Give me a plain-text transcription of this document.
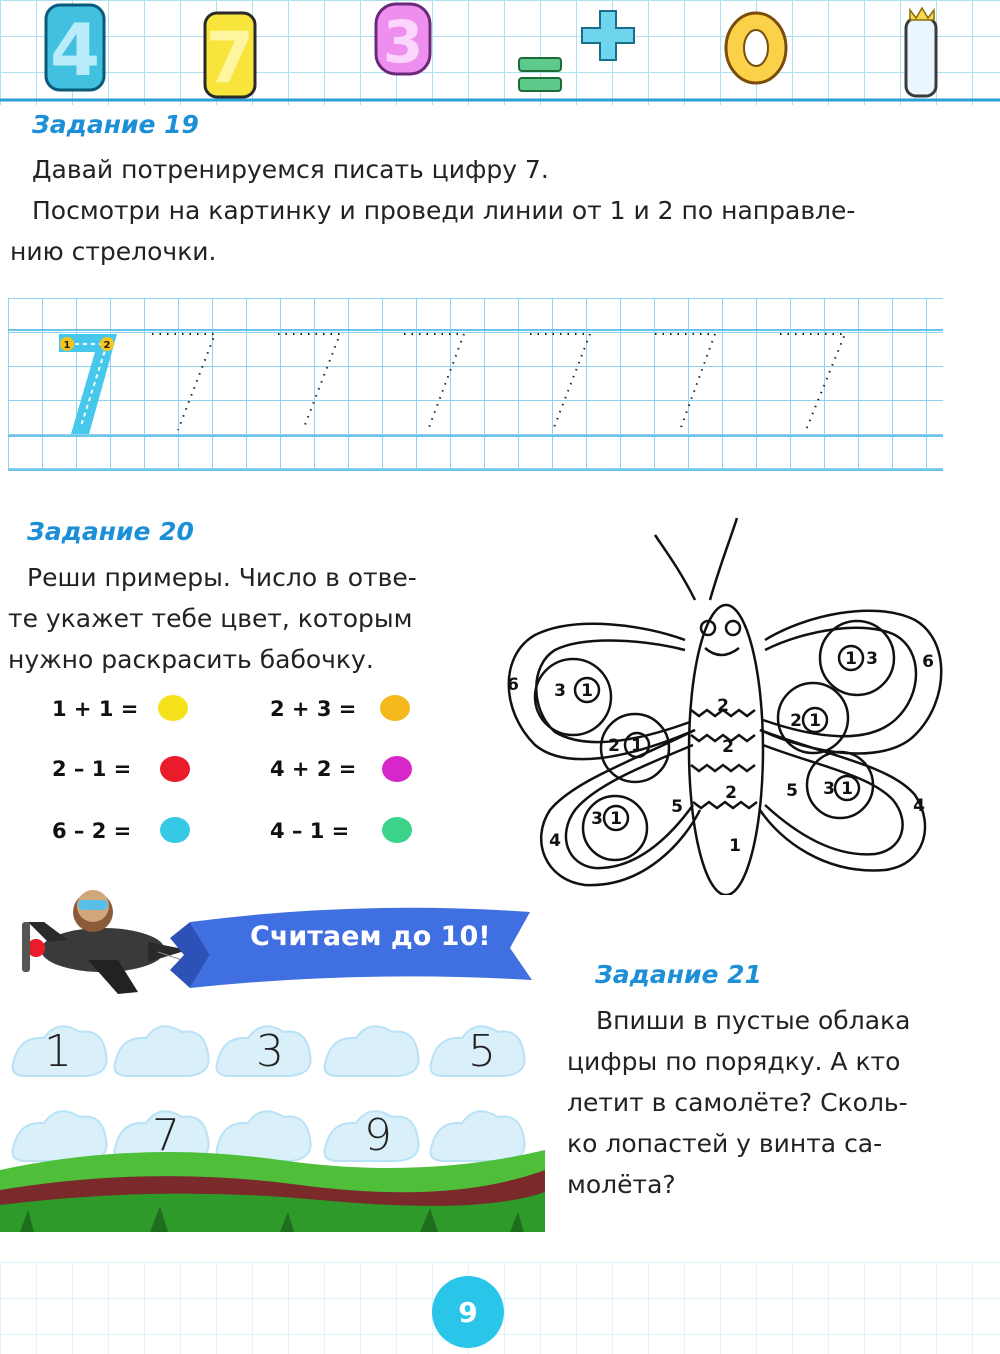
4 7 3
Задание 19
Давай потренируемся писать цифру 7.
Посмотри на картинку и проведи линии от 1 и 2 по направле-
нию стрелочки.
1	2
Задание 20
Реши примеры. Число в отве-
те укажет тебе цвет, которым
нужно раскрасить бабочку.
1 + 1 =	2 + 3 =
2 – 1 =	4 + 2 =
6 – 2 =	4 – 1 =
6
6
4
4
3 1
2 1
3 1
1 3
2 1
3 1
5
5
2
2
2
1
Считаем до 10!
Задание 21
Впиши в пустые облака
цифры по порядку. А кто
летит в самолёте? Сколь-
ко лопастей у винта са-
молёта?
1	3	5
7	9
9
